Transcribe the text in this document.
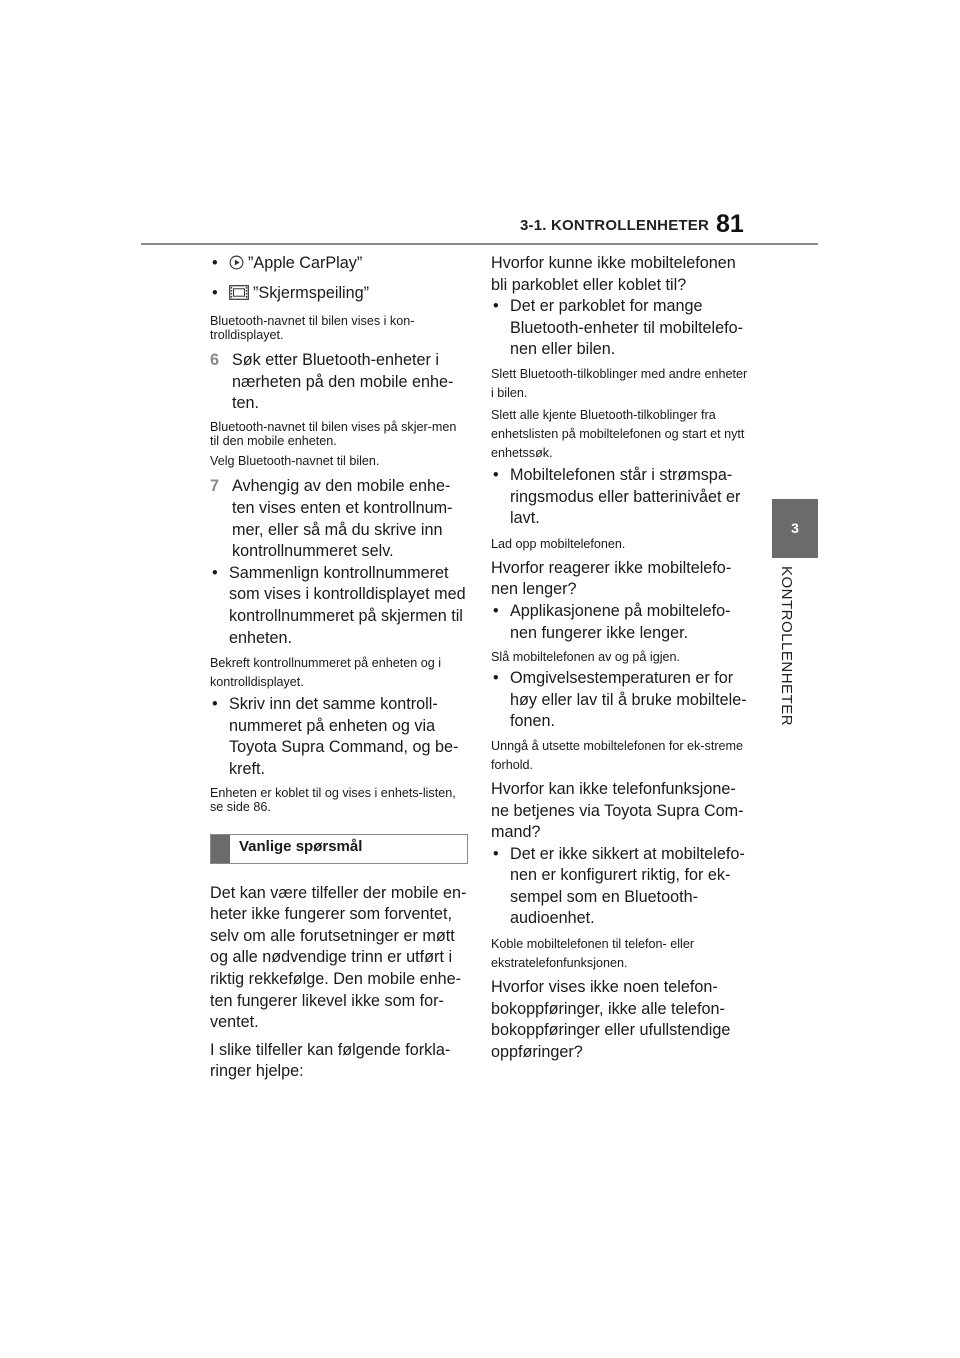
3-1. KONTROLLENHETER 81
3
KONTROLLENHETER

• ”Apple CarPlay”

• ”Skjermspeiling”

Bluetooth-navnet til bilen vises i kon-trolldisplayet.

6 Søk etter Bluetooth-enheter i nærheten på den mobile enhe-ten.

Bluetooth-navnet til bilen vises på skjer-men til den mobile enheten.

Velg Bluetooth-navnet til bilen.

7 Avhengig av den mobile enhe-ten vises enten et kontrollnum-mer, eller så må du skrive inn kontrollnummeret selv.

• Sammenlign kontrollnummeret som vises i kontrolldisplayet med kontrollnummeret på skjermen til enheten.

Bekreft kontrollnummeret på enheten og i kontrolldisplayet.

• Skriv inn det samme kontroll-nummeret på enheten og via Toyota Supra Command, og be-kreft.

Enheten er koblet til og vises i enhets-listen, se side 86.

Vanlige spørsmål

Det kan være tilfeller der mobile en-heter ikke fungerer som forventet, selv om alle forutsetninger er møtt og alle nødvendige trinn er utført i riktig rekkefølge. Den mobile enhe-ten fungerer likevel ikke som for-ventet.

I slike tilfeller kan følgende forkla-ringer hjelpe:

Hvorfor kunne ikke mobiltelefonen bli parkoblet eller koblet til?

• Det er parkoblet for mange Bluetooth-enheter til mobiltelefo-nen eller bilen.

Slett Bluetooth-tilkoblinger med andre enheter i bilen.

Slett alle kjente Bluetooth-tilkoblinger fra enhetslisten på mobiltelefonen og start et nytt enhetssøk.

• Mobiltelefonen står i strømspa-ringsmodus eller batterinivået er lavt.

Lad opp mobiltelefonen.

Hvorfor reagerer ikke mobiltelefo-nen lenger?

• Applikasjonene på mobiltelefo-nen fungerer ikke lenger.

Slå mobiltelefonen av og på igjen.

• Omgivelsestemperaturen er for høy eller lav til å bruke mobiltele-fonen.

Unngå å utsette mobiltelefonen for ek-streme forhold.

Hvorfor kan ikke telefonfunksjone-ne betjenes via Toyota Supra Com-mand?

• Det er ikke sikkert at mobiltelefo-nen er konfigurert riktig, for ek-sempel som en Bluetooth-audioenhet.

Koble mobiltelefonen til telefon- eller ekstratelefonfunksjonen.

Hvorfor vises ikke noen telefon-bokoppføringer, ikke alle telefon-bokoppføringer eller ufullstendige oppføringer?
